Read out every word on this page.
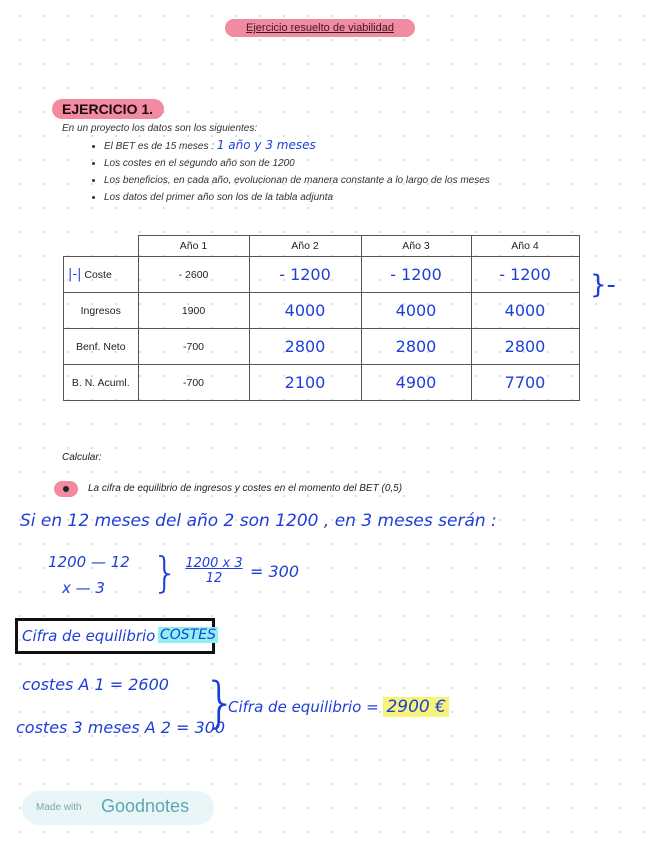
Ejercicio resuelto de viabilidad
EJERCICIO 1.
En un proyecto los datos son los siguientes:
• El BET es de 15 meses : 1 año y 3 meses
• Los costes en el segundo año son de 1200
• Los beneficios, en cada año, evolucionan de manera constante a lo largo de los meses
• Los datos del primer año son los de la tabla adjunta
	Año 1	Año 2	Año 3	Año 4
|-| Coste	- 2600	- 1200	- 1200	- 1200
Ingresos	1900	4000	4000	4000
Benf. Neto	-700	2800	2800	2800
B. N. Acuml.	-700	2100	4900	7700
}-
Calcular:
La cifra de equilibrio de ingresos y costes en el momento del BET (0,5)
Si en 12 meses del año 2 son 1200 , en 3 meses serán :
1200 — 12
x — 3 } $\frac{1200 x 3}{12} = 300$
Cifra de equilibrio COSTES
costes A 1 = 2600
costes 3 meses A 2 = 300
}
Cifra de equilibrio = 2900 €
Made with Goodnotes
